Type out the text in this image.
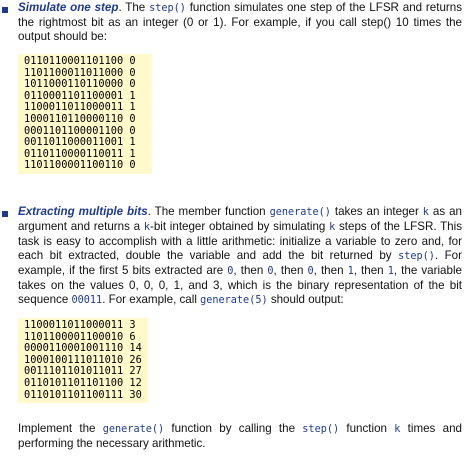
Simulate one step. The step() function simulates one step of the LFSR and returns the rightmost bit as an integer (0 or 1). For example, if you call step() 10 times the output should be:

0110110001101100 0
1101100011011000 0
1011000110110000 0
0110001101100001 1
1100011011000011 1
1000110110000110 0
0001101100001100 0
0011011000011001 1
0110110000110011 1
1101100001100110 0

Extracting multiple bits. The member function generate() takes an integer k as an argument and returns a k-bit integer obtained by simulating k steps of the LFSR. This task is easy to accomplish with a little arithmetic: initialize a variable to zero and, for each bit extracted, double the variable and add the bit returned by step(). For example, if the first 5 bits extracted are 0, then 0, then 0, then 1, then 1, the variable takes on the values 0, 0, 0, 1, and 3, which is the binary representation of the bit sequence 00011. For example, call generate(5) should output:

1100011011000011 3
1101100001100010 6
0000110001001110 14
1000100111011010 26
0011101101011011 27
0110101101101100 12
0110101101100111 30

Implement the generate() function by calling the step() function k times and performing the necessary arithmetic.
